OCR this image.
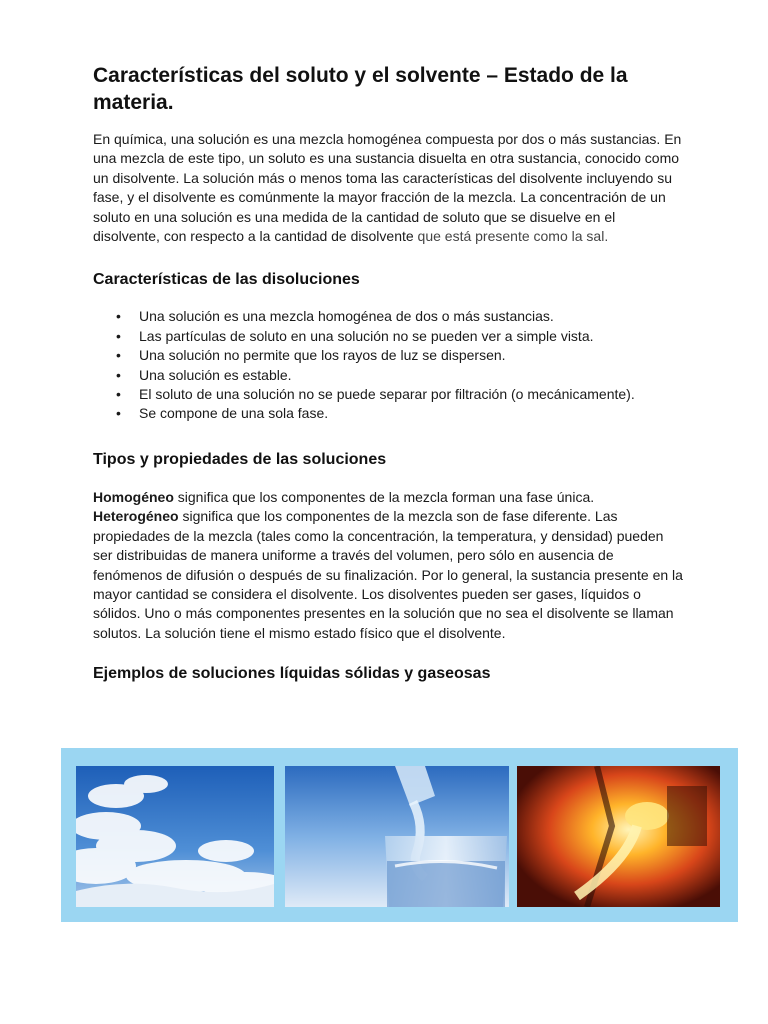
Características del soluto y el solvente – Estado de la materia.

En química, una solución es una mezcla homogénea compuesta por dos o más sustancias. En una mezcla de este tipo, un soluto es una sustancia disuelta en otra sustancia, conocido como un disolvente. La solución más o menos toma las características del disolvente incluyendo su fase, y el disolvente es comúnmente la mayor fracción de la mezcla. La concentración de un soluto en una solución es una medida de la cantidad de soluto que se disuelve en el disolvente, con respecto a la cantidad de disolvente que está presente como la sal.

Características de las disoluciones
• Una solución es una mezcla homogénea de dos o más sustancias.
• Las partículas de soluto en una solución no se pueden ver a simple vista.
• Una solución no permite que los rayos de luz se dispersen.
• Una solución es estable.
• El soluto de una solución no se puede separar por filtración (o mecánicamente).
• Se compone de una sola fase.
Tipos y propiedades de las soluciones

Homogéneo significa que los componentes de la mezcla forman una fase única. Heterogéneo significa que los componentes de la mezcla son de fase diferente. Las propiedades de la mezcla (tales como la concentración, la temperatura, y densidad) pueden ser distribuidas de manera uniforme a través del volumen, pero sólo en ausencia de fenómenos de difusión o después de su finalización. Por lo general, la sustancia presente en la mayor cantidad se considera el disolvente. Los disolventes pueden ser gases, líquidos o sólidos. Uno o más componentes presentes en la solución que no sea el disolvente se llaman solutos. La solución tiene el mismo estado físico que el disolvente.

Ejemplos de soluciones líquidas sólidas y gaseosas
